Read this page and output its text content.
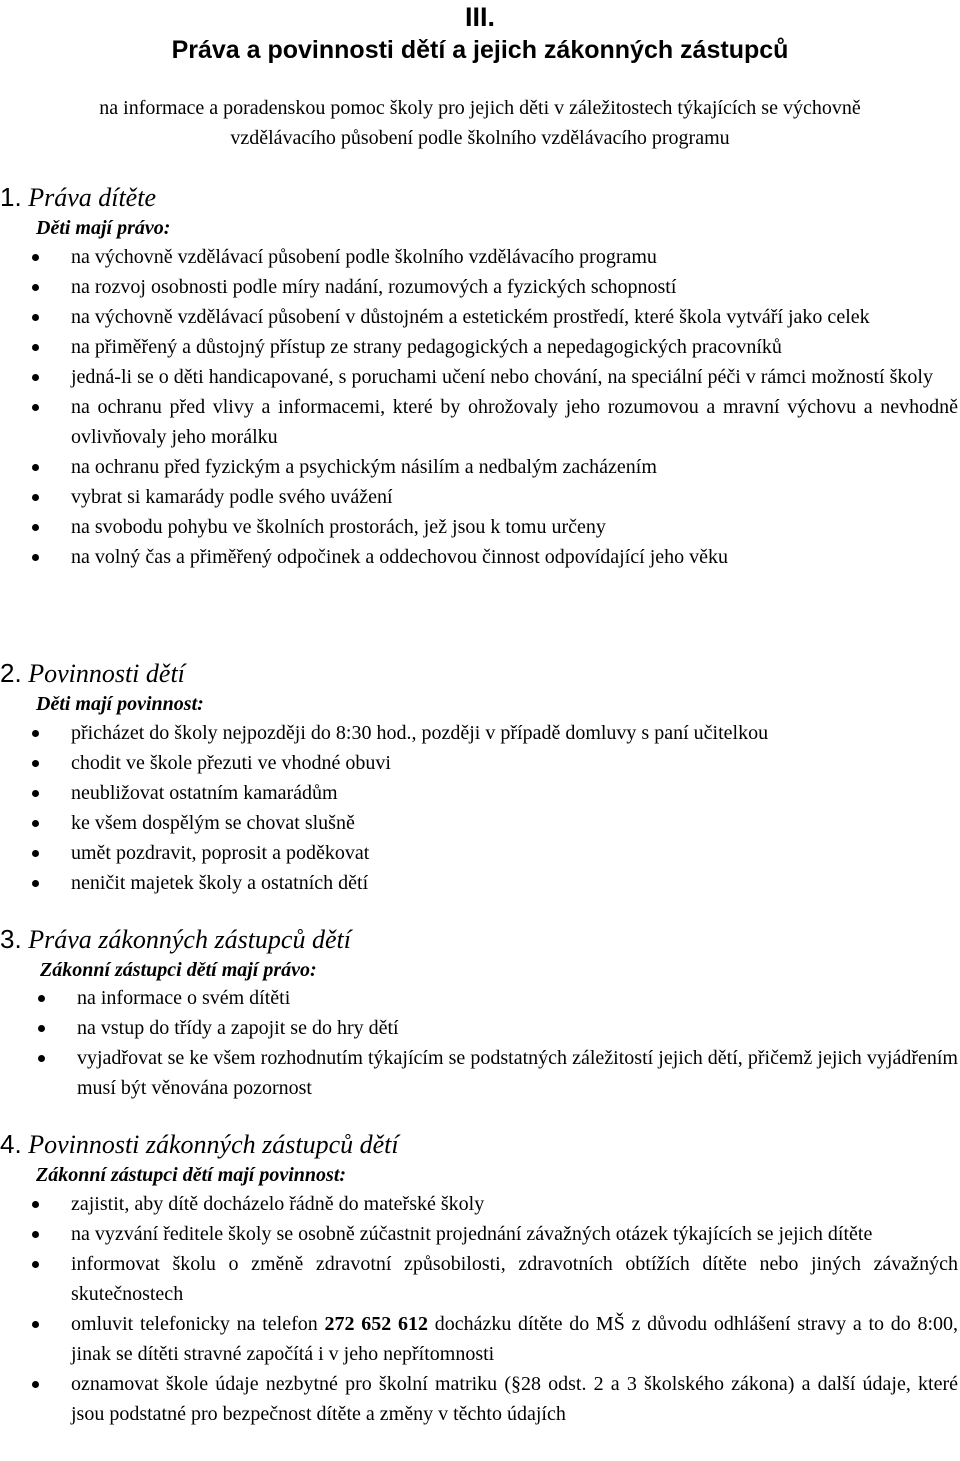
III.
Práva a povinnosti dětí a jejich zákonných zástupců
na informace a poradenskou pomoc školy pro jejich děti v záležitostech týkajících se výchovně
vzdělávacího působení podle školního vzdělávacího programu
1. Práva dítěte
Děti mají právo:
na výchovně vzdělávací působení podle školního vzdělávacího programu
na rozvoj osobnosti podle míry nadání, rozumových a fyzických schopností
na výchovně vzdělávací působení v důstojném a estetickém prostředí, které škola vytváří jako celek
na přiměřený a důstojný přístup ze strany pedagogických a nepedagogických pracovníků
jedná-li se o děti handicapované, s poruchami učení nebo chování, na speciální péči v rámci možností školy
na ochranu před vlivy a informacemi, které by ohrožovaly jeho rozumovou a mravní výchovu a nevhodně ovlivňovaly jeho morálku
na ochranu před fyzickým a psychickým násilím a nedbalým zacházením
vybrat si kamarády podle svého uvážení
na svobodu pohybu ve školních prostorách, jež jsou k tomu určeny
na volný čas a přiměřený odpočinek a oddechovou činnost odpovídající jeho věku
2. Povinnosti dětí
Děti mají povinnost:
přicházet do školy nejpozději do 8:30 hod., později v případě domluvy s paní učitelkou
chodit ve škole přezuti ve vhodné obuvi
neubližovat ostatním kamarádům
ke všem dospělým se chovat slušně
umět pozdravit, poprosit a poděkovat
neničit majetek školy a ostatních dětí
3. Práva zákonných zástupců dětí
Zákonní zástupci dětí mají právo:
na informace o svém dítěti
na vstup do třídy a zapojit se do hry dětí
vyjadřovat se ke všem rozhodnutím týkajícím se podstatných záležitostí jejich dětí, přičemž jejich vyjádřením musí být věnována pozornost
4. Povinnosti zákonných zástupců dětí
Zákonní zástupci dětí mají povinnost:
zajistit, aby dítě docházelo řádně do mateřské školy
na vyzvání ředitele školy se osobně zúčastnit projednání závažných otázek týkajících se jejich dítěte
informovat školu o změně zdravotní způsobilosti, zdravotních obtížích dítěte nebo jiných závažných skutečnostech
omluvit telefonicky na telefon 272 652 612 docházku dítěte do MŠ z důvodu odhlášení stravy a to do 8:00, jinak se dítěti stravné započítá i v jeho nepřítomnosti
oznamovat škole údaje nezbytné pro školní matriku (§28 odst. 2 a 3 školského zákona) a další údaje, které jsou podstatné pro bezpečnost dítěte a změny v těchto údajích
